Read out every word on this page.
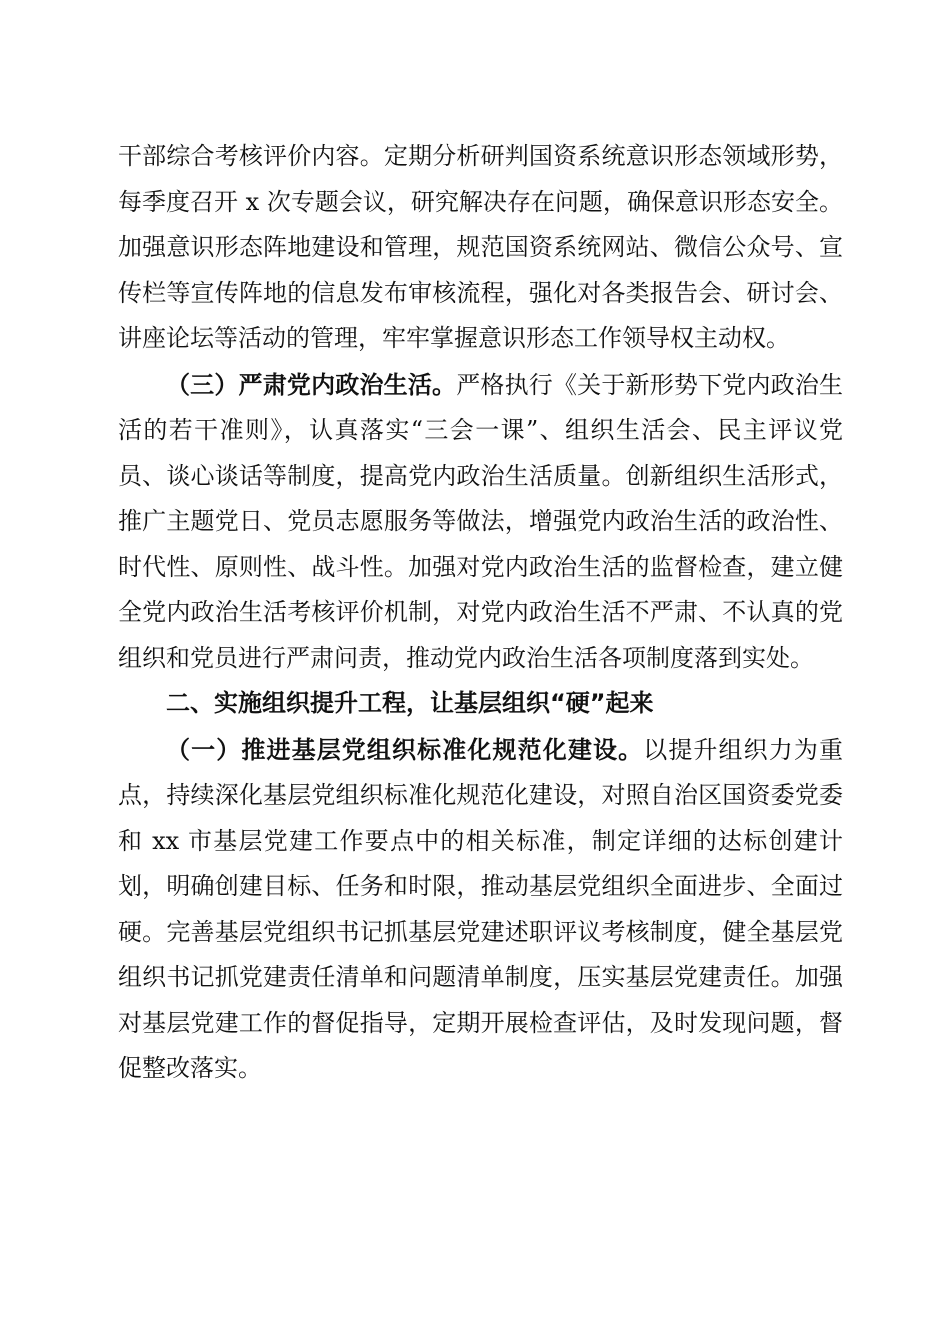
干部综合考核评价内容。定期分析研判国资系统意识形态领域形势，每季度召开 x 次专题会议，研究解决存在问题，确保意识形态安全。加强意识形态阵地建设和管理，规范国资系统网站、微信公众号、宣传栏等宣传阵地的信息发布审核流程，强化对各类报告会、研讨会、讲座论坛等活动的管理，牢牢掌握意识形态工作领导权主动权。

（三）严肃党内政治生活。严格执行《关于新形势下党内政治生活的若干准则》，认真落实“三会一课”、组织生活会、民主评议党员、谈心谈话等制度，提高党内政治生活质量。创新组织生活形式，推广主题党日、党员志愿服务等做法，增强党内政治生活的政治性、时代性、原则性、战斗性。加强对党内政治生活的监督检查，建立健全党内政治生活考核评价机制，对党内政治生活不严肃、不认真的党组织和党员进行严肃问责，推动党内政治生活各项制度落到实处。

二、实施组织提升工程，让基层组织“硬”起来

（一）推进基层党组织标准化规范化建设。以提升组织力为重点，持续深化基层党组织标准化规范化建设，对照自治区国资委党委和 xx 市基层党建工作要点中的相关标准，制定详细的达标创建计划，明确创建目标、任务和时限，推动基层党组织全面进步、全面过硬。完善基层党组织书记抓基层党建述职评议考核制度，健全基层党组织书记抓党建责任清单和问题清单制度，压实基层党建责任。加强对基层党建工作的督促指导，定期开展检查评估，及时发现问题，督促整改落实。
